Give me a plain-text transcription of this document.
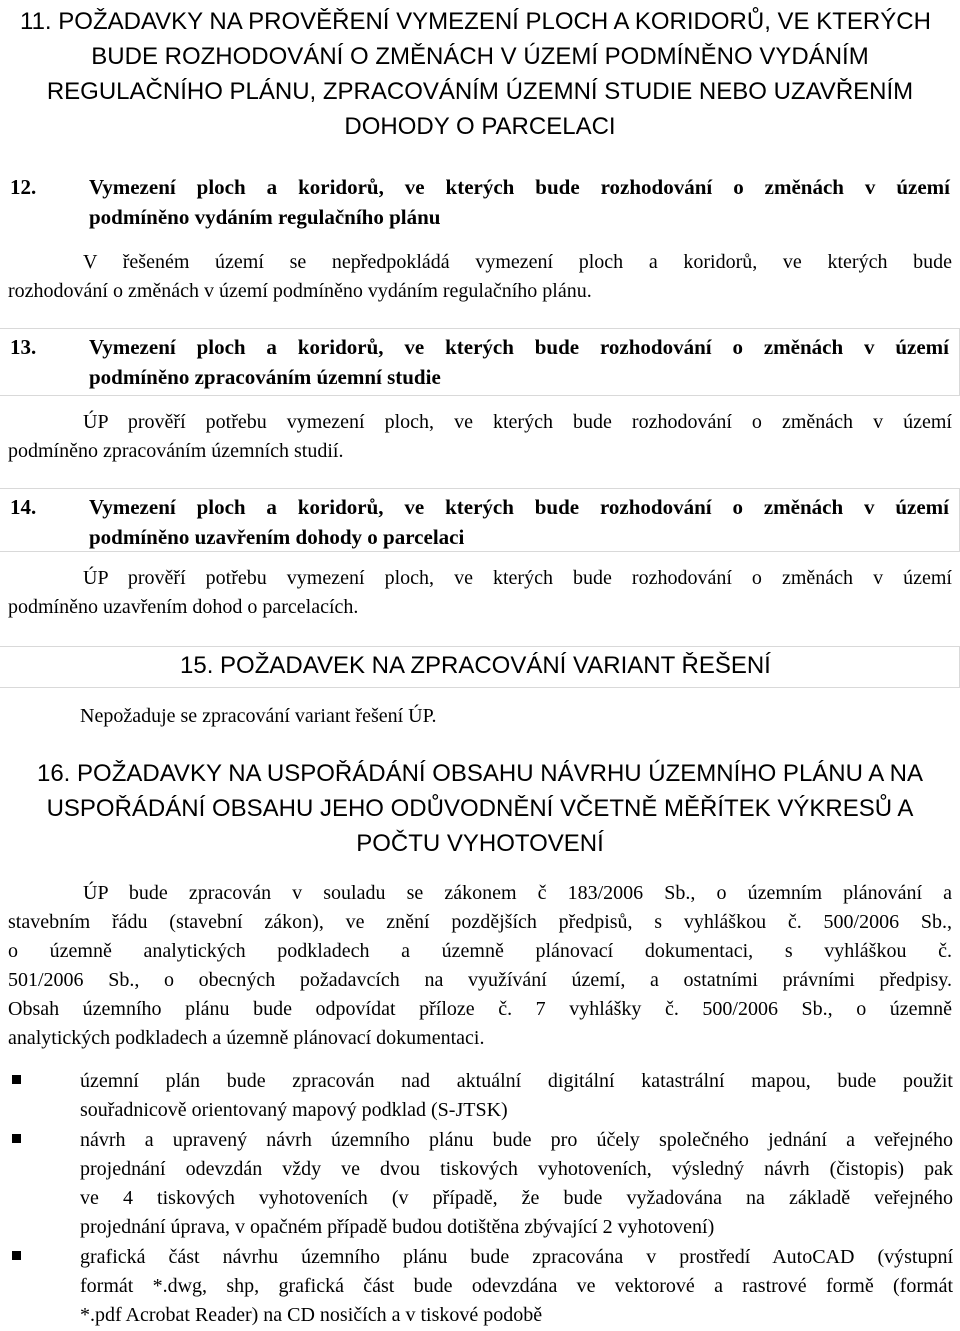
11. POŽADAVKY NA PROVĚŘENÍ VYMEZENÍ PLOCH A KORIDORŮ, VE KTERÝCH
BUDE ROZHODOVÁNÍ O ZMĚNÁCH V ÚZEMÍ PODMÍNĚNO VYDÁNÍM
REGULAČNÍHO PLÁNU, ZPRACOVÁNÍM ÚZEMNÍ STUDIE NEBO UZAVŘENÍM
DOHODY O PARCELACI
12.	Vymezení ploch a koridorů, ve kterých bude rozhodování o změnách v území
podmíněno vydáním regulačního plánu
V řešeném území se nepředpokládá vymezení ploch a koridorů, ve kterých bude
rozhodování o změnách v území podmíněno vydáním regulačního plánu.
13.	Vymezení ploch a koridorů, ve kterých bude rozhodování o změnách v území
podmíněno zpracováním územní studie
ÚP prověří potřebu vymezení ploch, ve kterých bude rozhodování o změnách v území
podmíněno zpracováním územních studií.
14.	Vymezení ploch a koridorů, ve kterých bude rozhodování o změnách v území
podmíněno uzavřením dohody o parcelaci
ÚP prověří potřebu vymezení ploch, ve kterých bude rozhodování o změnách v území
podmíněno uzavřením dohod o parcelacích.
15. POŽADAVEK NA ZPRACOVÁNÍ VARIANT ŘEŠENÍ
Nepožaduje se zpracování variant řešení ÚP.
16. POŽADAVKY NA USPOŘÁDÁNÍ OBSAHU NÁVRHU ÚZEMNÍHO PLÁNU A NA
USPOŘÁDÁNÍ OBSAHU JEHO ODŮVODNĚNÍ VČETNĚ MĚŘÍTEK VÝKRESŮ A
POČTU VYHOTOVENÍ
ÚP bude zpracován v souladu se zákonem č 183/2006 Sb., o územním plánování a
stavebním řádu (stavební zákon), ve znění pozdějších předpisů, s vyhláškou č. 500/2006 Sb.,
o územně analytických podkladech a územně plánovací dokumentaci, s vyhláškou č.
501/2006 Sb., o obecných požadavcích na využívání území, a ostatními právními předpisy.
Obsah územního plánu bude odpovídat příloze č. 7 vyhlášky č. 500/2006 Sb., o územně
analytických podkladech a územně plánovací dokumentaci.
územní plán bude zpracován nad aktuální digitální katastrální mapou, bude použit
souřadnicově orientovaný mapový podklad (S-JTSK)
návrh a upravený návrh územního plánu bude pro účely společného jednání a veřejného
projednání odevzdán vždy ve dvou tiskových vyhotoveních, výsledný návrh (čistopis) pak
ve 4 tiskových vyhotoveních (v případě, že bude vyžadována na základě veřejného
projednání úprava, v opačném případě budou dotištěna zbývající 2 vyhotovení)
grafická část návrhu územního plánu bude zpracována v prostředí AutoCAD (výstupní
formát *.dwg, shp, grafická část bude odevzdána ve vektorové a rastrové formě (formát
*.pdf Acrobat Reader) na CD nosičích a v tiskové podobě
